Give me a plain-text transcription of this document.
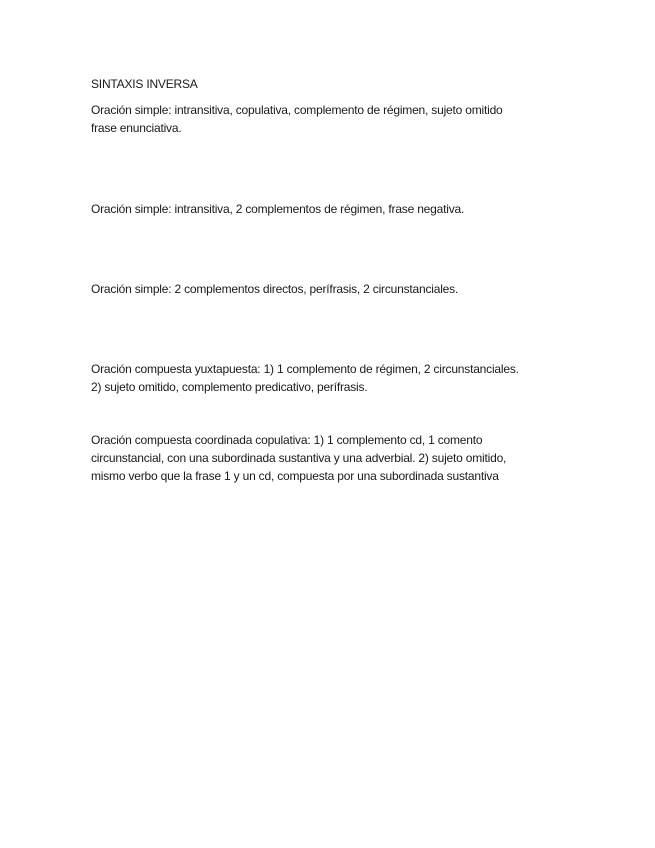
SINTAXIS INVERSA
Oración simple: intransitiva, copulativa, complemento de régimen, sujeto omitido
frase enunciativa.
Oración simple: intransitiva, 2 complementos de régimen, frase negativa.
Oración simple: 2 complementos directos, perífrasis, 2 circunstanciales.
Oración compuesta yuxtapuesta: 1) 1 complemento de régimen, 2 circunstanciales.
2) sujeto omitido, complemento predicativo, perífrasis.
Oración compuesta coordinada copulativa: 1) 1 complemento cd, 1 comento
circunstancial, con una subordinada sustantiva y una adverbial. 2) sujeto omitido,
mismo verbo que la frase 1 y un cd, compuesta por una subordinada sustantiva
